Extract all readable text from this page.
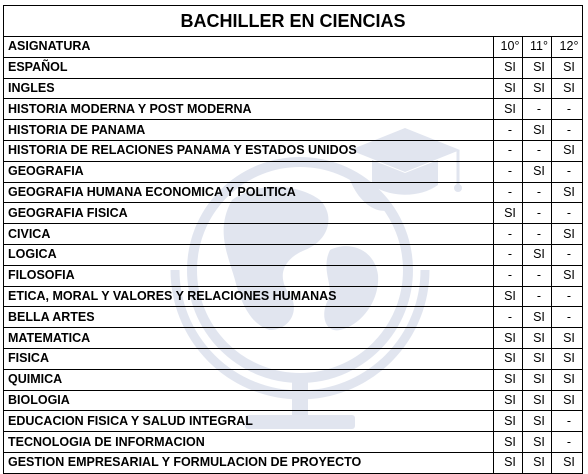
BACHILLER EN CIENCIAS			
ASIGNATURA	10°	11°	12°
ESPAÑOL	SI	SI	SI
INGLES	SI	SI	SI
HISTORIA MODERNA Y POST MODERNA	SI	-	-
HISTORIA DE PANAMA	-	SI	-
HISTORIA DE RELACIONES PANAMA Y ESTADOS UNIDOS	-	-	SI
GEOGRAFIA	-	SI	-
GEOGRAFIA HUMANA ECONOMICA Y POLITICA	-	-	SI
GEOGRAFIA FISICA	SI	-	-
CIVICA	-	-	SI
LOGICA	-	SI	-
FILOSOFIA	-	-	SI
ETICA, MORAL Y VALORES Y RELACIONES HUMANAS	SI	-	-
BELLA ARTES	-	SI	-
MATEMATICA	SI	SI	SI
FISICA	SI	SI	SI
QUIMICA	SI	SI	SI
BIOLOGIA	SI	SI	SI
EDUCACION FISICA Y SALUD INTEGRAL	SI	SI	-
TECNOLOGIA DE INFORMACION	SI	SI	-
GESTION EMPRESARIAL Y FORMULACION DE PROYECTO	SI	SI	SI
